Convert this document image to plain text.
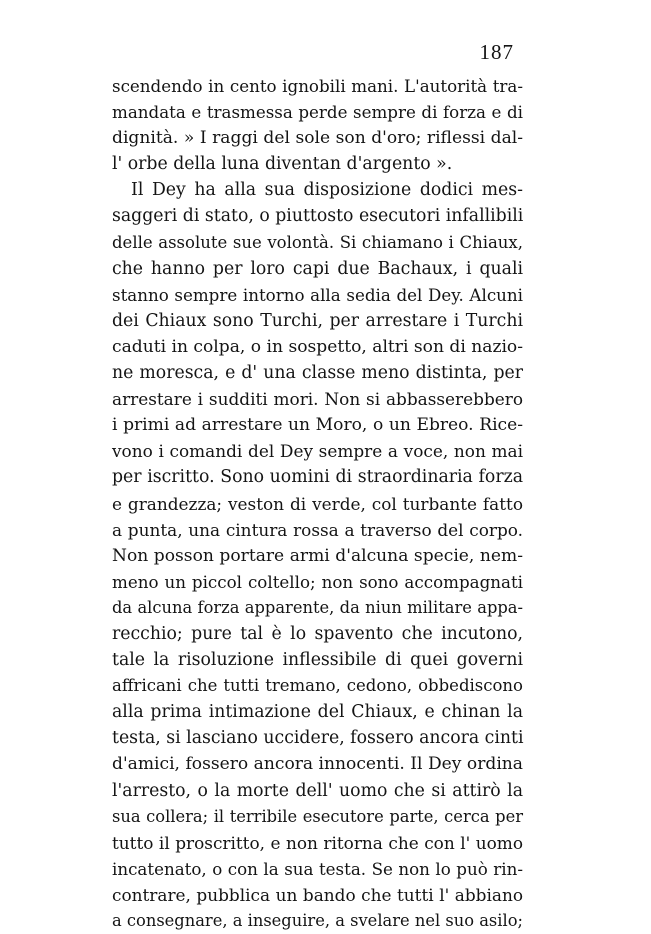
187
scendendo in cento ignobili mani. L'autorità tra-
mandata e trasmessa perde sempre di forza e di
dignità. » I raggi del sole son d'oro; riflessi dal-
l' orbe della luna diventan d'argento ».
Il Dey ha alla sua disposizione dodici mes-
saggeri di stato, o piuttosto esecutori infallibili
delle assolute sue volontà. Si chiamano i Chiaux,
che hanno per loro capi due Bachaux, i quali
stanno sempre intorno alla sedia del Dey. Alcuni
dei Chiaux sono Turchi, per arrestare i Turchi
caduti in colpa, o in sospetto, altri son di nazio-
ne moresca, e d' una classe meno distinta, per
arrestare i sudditi mori. Non si abbasserebbero
i primi ad arrestare un Moro, o un Ebreo. Rice-
vono i comandi del Dey sempre a voce, non mai
per iscritto. Sono uomini di straordinaria forza
e grandezza; veston di verde, col turbante fatto
a punta, una cintura rossa a traverso del corpo.
Non posson portare armi d'alcuna specie, nem-
meno un piccol coltello; non sono accompagnati
da alcuna forza apparente, da niun militare appa-
recchio; pure tal è lo spavento che incutono,
tale la risoluzione inflessibile di quei governi
affricani che tutti tremano, cedono, obbediscono
alla prima intimazione del Chiaux, e chinan la
testa, si lasciano uccidere, fossero ancora cinti
d'amici, fossero ancora innocenti. Il Dey ordina
l'arresto, o la morte dell' uomo che si attirò la
sua collera; il terribile esecutore parte, cerca per
tutto il proscritto, e non ritorna che con l' uomo
incatenato, o con la sua testa. Se non lo può rin-
contrare, pubblica un bando che tutti l' abbiano
a consegnare, a inseguire, a svelare nel suo asilo;
